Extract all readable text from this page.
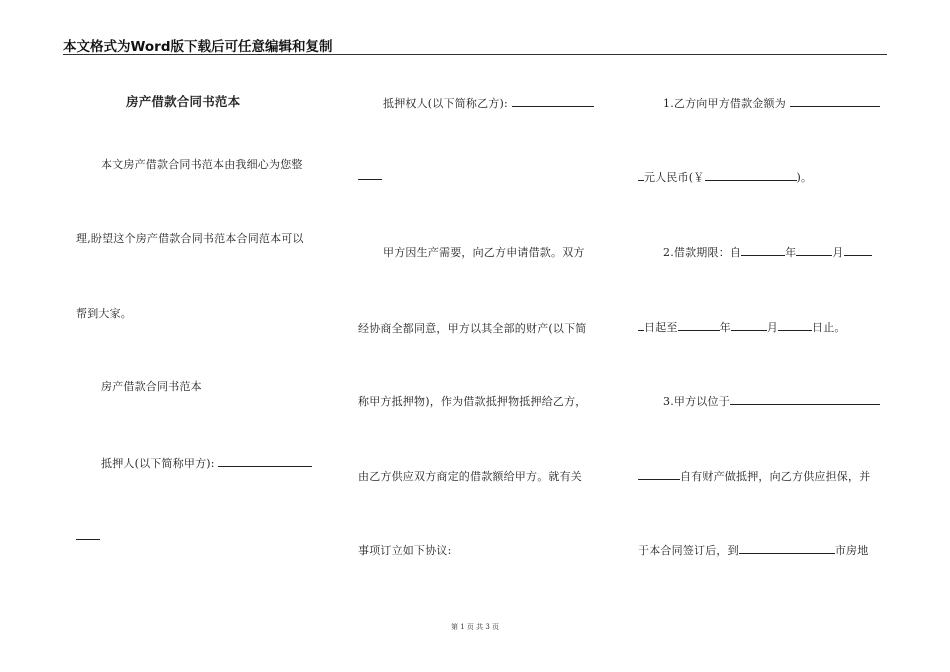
本文格式为Word版下载后可任意编辑和复制
房产借款合同书范本
本文房产借款合同书范本由我细心为您整
理,盼望这个房产借款合同书范本合同范本可以
帮到大家。
房产借款合同书范本
抵押人(以下简称甲方):
抵押权人(以下简称乙方):
甲方因生产需要，向乙方申请借款。双方
经协商全都同意，甲方以其全部的财产(以下简
称甲方抵押物)，作为借款抵押物抵押给乙方，
由乙方供应双方商定的借款额给甲方。就有关
事项订立如下协议:
1.乙方向甲方借款金额为
元人民币(￥	)。
2.借款期限：自	年	月
日起至	年	月	日止。
3.甲方以位于
自有财产做抵押，向乙方供应担保，并
于本合同签订后，到	市房地
第 1 页 共 3 页
